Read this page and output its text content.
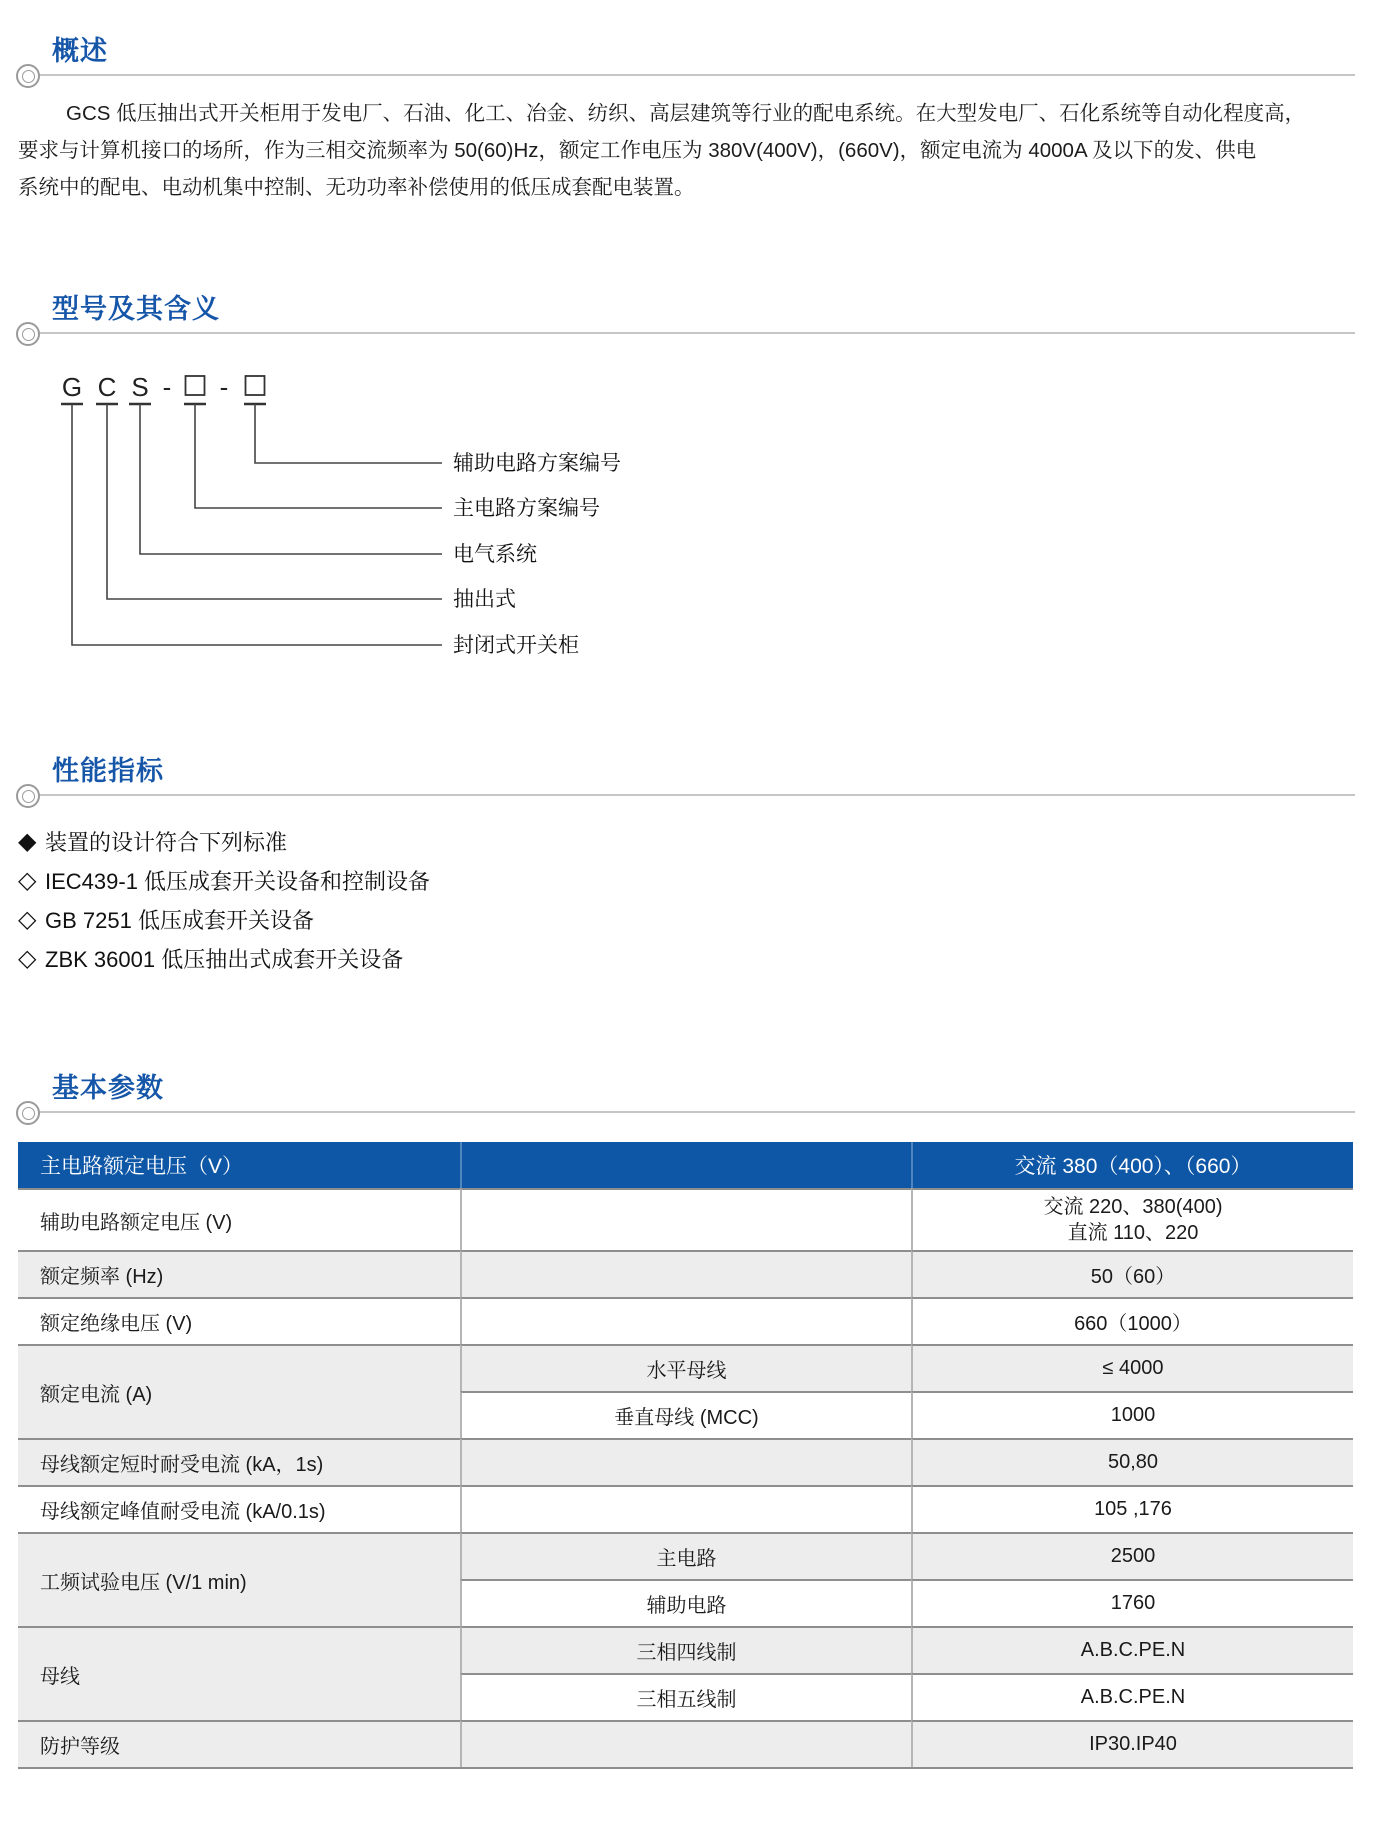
概述
GCS 低压抽出式开关柜用于发电厂、石油、化工、冶金、纺织、高层建筑等行业的配电系统。在大型发电厂、石化系统等自动化程度高，
要求与计算机接口的场所，作为三相交流频率为 50(60)Hz，额定工作电压为 380V(400V)，(660V)，额定电流为 4000A 及以下的发、供电
系统中的配电、电动机集中控制、无功功率补偿使用的低压成套配电装置。
型号及其含义
G C S - -
辅助电路方案编号
主电路方案编号
电气系统
抽出式
封闭式开关柜
性能指标
◆ 装置的设计符合下列标准
◇ IEC439-1 低压成套开关设备和控制设备
◇ GB 7251 低压成套开关设备
◇ ZBK 36001 低压抽出式成套开关设备
基本参数
主电路额定电压（V）	交流 380（400）、（660）
辅助电路额定电压 (V)
交流 220、380(400)
直流 110、220
额定频率 (Hz)	50（60）
额定绝缘电压 (V)	660（1000）
额定电流 (A)
水平母线	≤ 4000
垂直母线 (MCC)	1000
母线额定短时耐受电流 (kA，1s)	50,80
母线额定峰值耐受电流 (kA/0.1s)	105 ,176
工频试验电压 (V/1 min)
主电路	2500
辅助电路	1760
母线
三相四线制	A.B.C.PE.N
三相五线制	A.B.C.PE.N
防护等级	IP30.IP40
